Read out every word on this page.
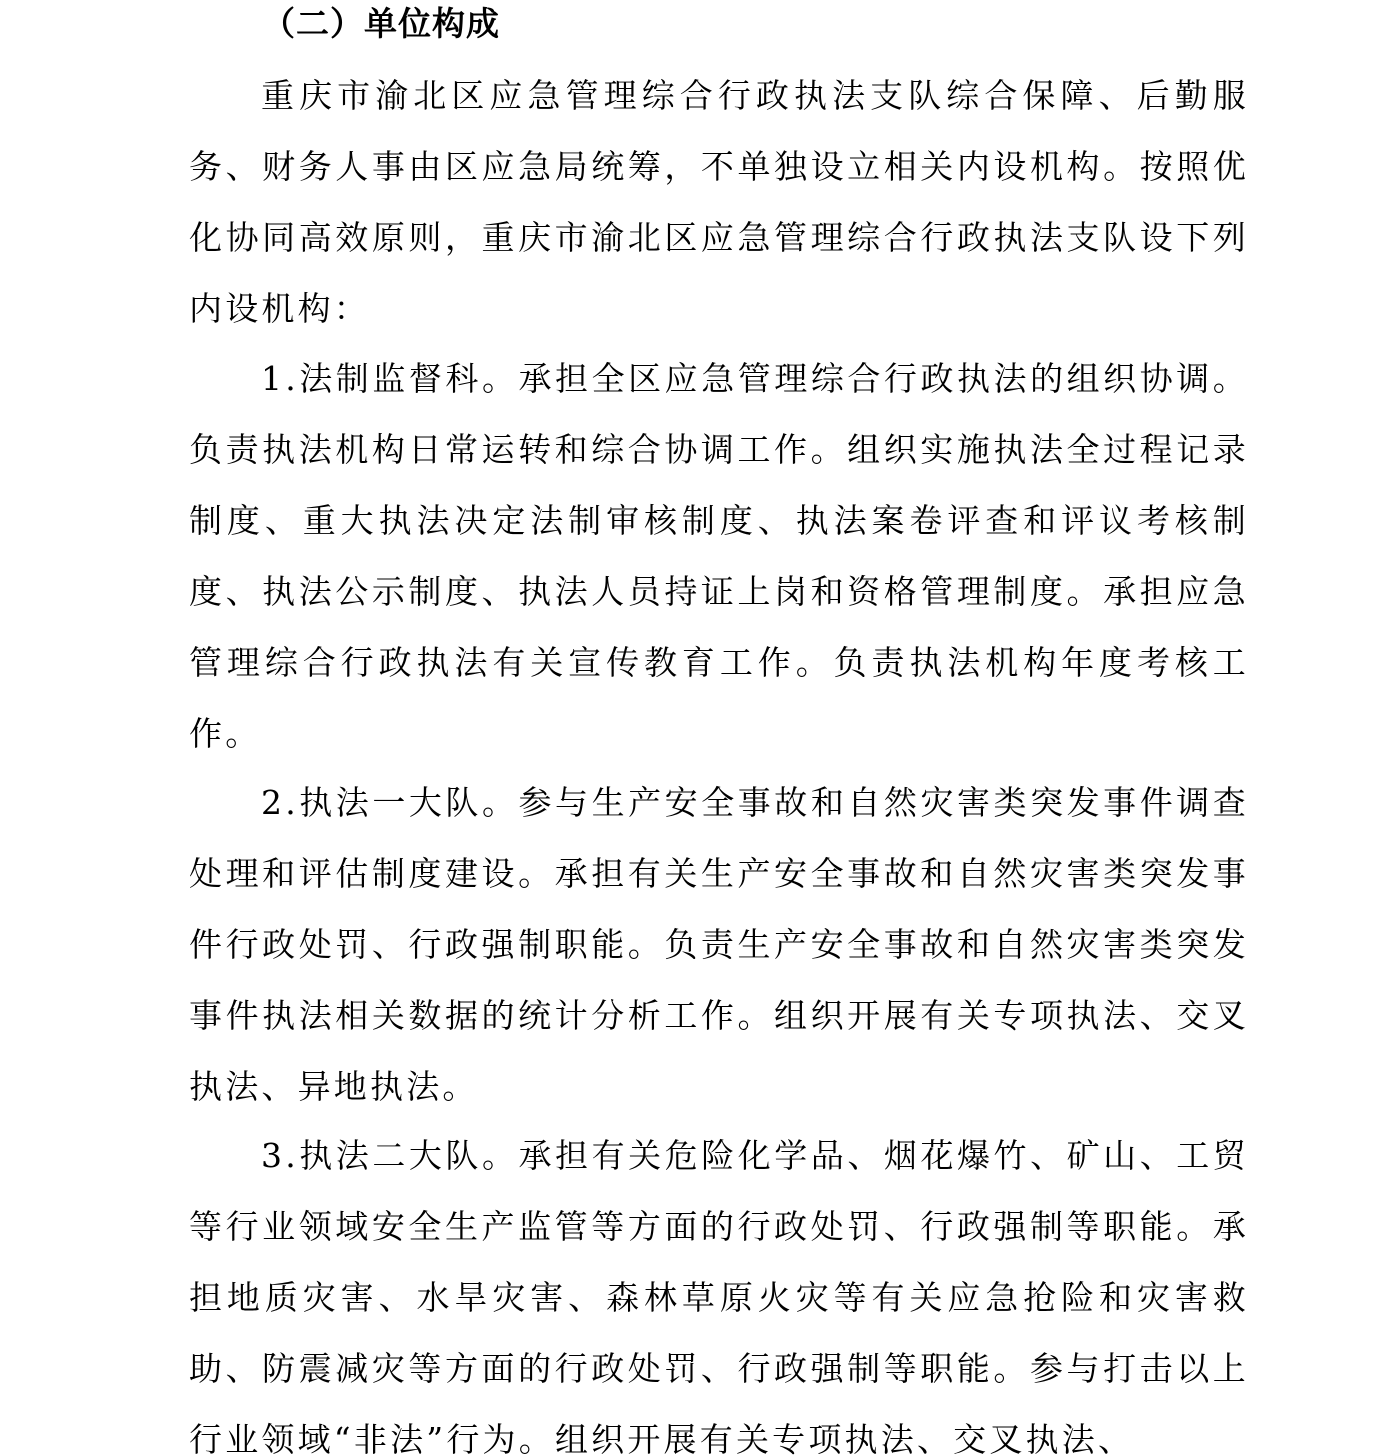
（二）单位构成

重庆市渝北区应急管理综合行政执法支队综合保障、后勤服务、财务人事由区应急局统筹，不单独设立相关内设机构。按照优化协同高效原则，重庆市渝北区应急管理综合行政执法支队设下列内设机构：

1.法制监督科。承担全区应急管理综合行政执法的组织协调。负责执法机构日常运转和综合协调工作。组织实施执法全过程记录制度、重大执法决定法制审核制度、执法案卷评查和评议考核制度、执法公示制度、执法人员持证上岗和资格管理制度。承担应急管理综合行政执法有关宣传教育工作。负责执法机构年度考核工作。

2.执法一大队。参与生产安全事故和自然灾害类突发事件调查处理和评估制度建设。承担有关生产安全事故和自然灾害类突发事件行政处罚、行政强制职能。负责生产安全事故和自然灾害类突发事件执法相关数据的统计分析工作。组织开展有关专项执法、交叉执法、异地执法。

3.执法二大队。承担有关危险化学品、烟花爆竹、矿山、工贸等行业领域安全生产监管等方面的行政处罚、行政强制等职能。承担地质灾害、水旱灾害、森林草原火灾等有关应急抢险和灾害救助、防震减灾等方面的行政处罚、行政强制等职能。参与打击以上行业领域“非法”行为。组织开展有关专项执法、交叉执法、
